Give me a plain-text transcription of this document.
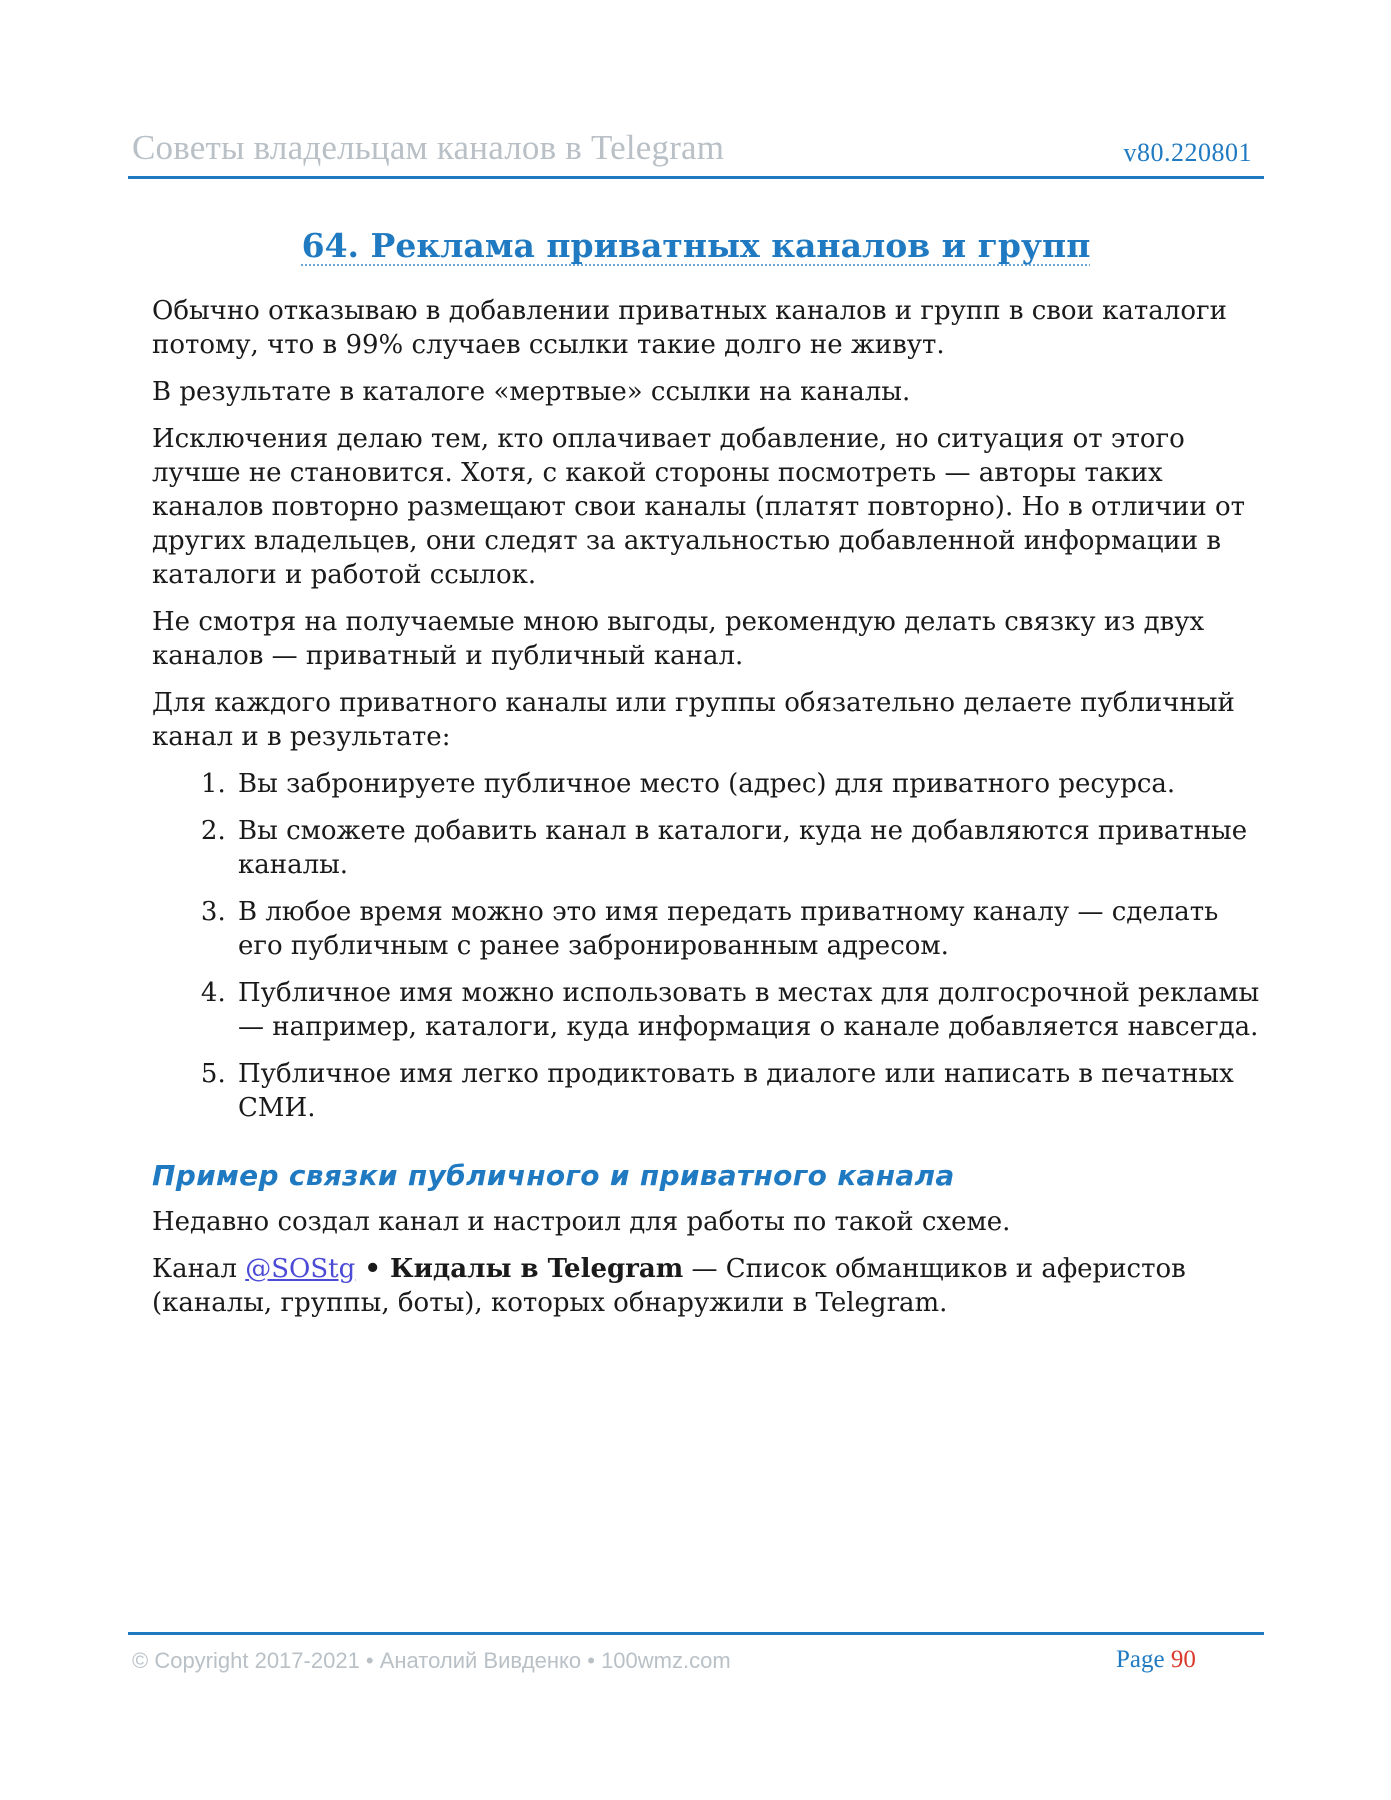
Советы владельцам каналов в Telegram	v80.220801
64. Реклама приватных каналов и групп

Обычно отказываю в добавлении приватных каналов и групп в свои каталоги потому, что в 99% случаев ссылки такие долго не живут.

В результате в каталоге «мертвые» ссылки на каналы.

Исключения делаю тем, кто оплачивает добавление, но ситуация от этого лучше не становится. Хотя, с какой стороны посмотреть — авторы таких каналов повторно размещают свои каналы (платят повторно). Но в отличии от других владельцев, они следят за актуальностью добавленной информации в каталоги и работой ссылок.

Не смотря на получаемые мною выгоды, рекомендую делать связку из двух каналов — приватный и публичный канал.

Для каждого приватного каналы или группы обязательно делаете публичный канал и в результате:

1. Вы забронируете публичное место (адрес) для приватного ресурса.
2. Вы сможете добавить канал в каталоги, куда не добавляются приватные каналы.
3. В любое время можно это имя передать приватному каналу — сделать его публичным с ранее забронированным адресом.
4. Публичное имя можно использовать в местах для долгосрочной рекламы — например, каталоги, куда информация о канале добавляется навсегда.
5. Публичное имя легко продиктовать в диалоге или написать в печатных СМИ.
Пример связки публичного и приватного канала

Недавно создал канал и настроил для работы по такой схеме.

Канал @SOStg • Кидалы в Telegram — Список обманщиков и аферистов (каналы, группы, боты), которых обнаружили в Telegram.

© Copyright 2017-2021 • Анатолий Вивденко • 100wmz.com	Page 90
